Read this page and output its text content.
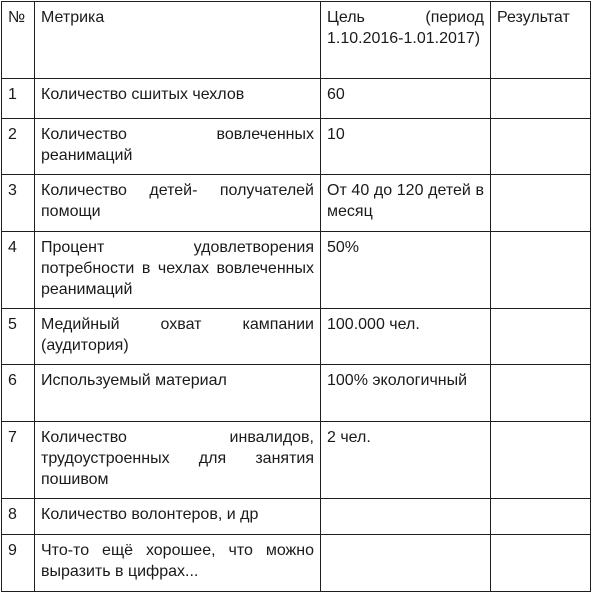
№	Метрика	Цель (период 1.10.2016-1.01.2017)	Результат
1	Количество сшитых чехлов	60	
2	Количество вовлеченных реанимаций	10	
3	Количество детей- получателей помощи	От 40 до 120 детей в месяц	
4	Процент удовлетворения потребности в чехлах вовлеченных реанимаций	50%	
5	Медийный охват кампании (аудитория)	100.000 чел.	
6	Используемый материал	100% экологичный	
7	Количество инвалидов, трудоустроенных для занятия пошивом	2 чел.	
8	Количество волонтеров, и др		
9	Что-то ещё хорошее, что можно выразить в цифрах...		
